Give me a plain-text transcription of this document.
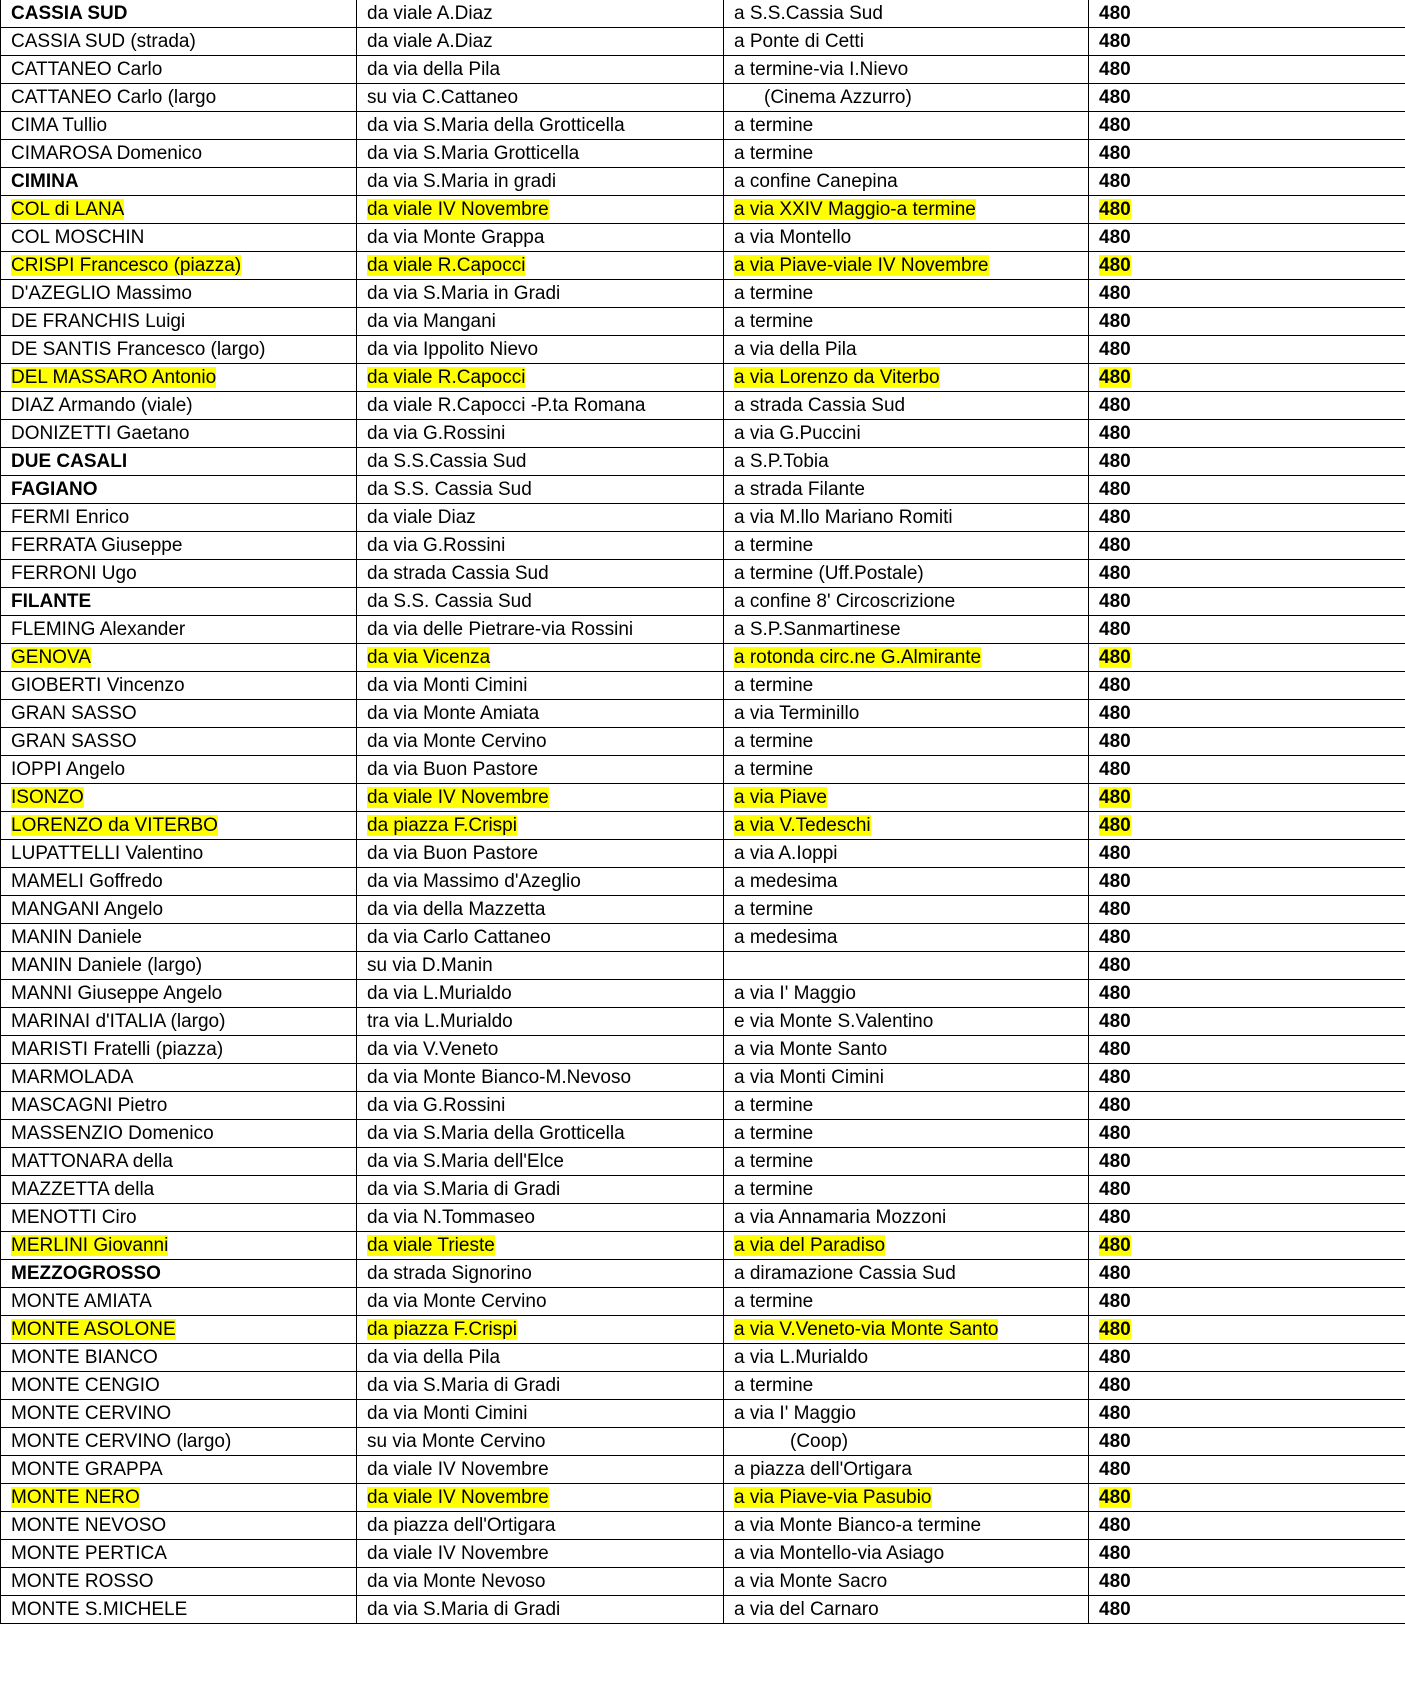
CASSIA SUD	da viale A.Diaz	a S.S.Cassia Sud	480
CASSIA SUD (strada)	da viale A.Diaz	a Ponte di Cetti	480
CATTANEO Carlo	da via della Pila	a termine-via I.Nievo	480
CATTANEO Carlo (largo	su via C.Cattaneo	(Cinema Azzurro)	480
CIMA Tullio	da via S.Maria della Grotticella	a termine	480
CIMAROSA Domenico	da via S.Maria Grotticella	a termine	480
CIMINA	da via S.Maria in gradi	a confine Canepina	480
COL di LANA	da viale IV Novembre	a via XXIV Maggio-a termine	480
COL MOSCHIN	da via Monte Grappa	a via Montello	480
CRISPI Francesco (piazza)	da viale R.Capocci	a via Piave-viale IV Novembre	480
D'AZEGLIO Massimo	da via S.Maria in Gradi	a termine	480
DE FRANCHIS Luigi	da via Mangani	a termine	480
DE SANTIS Francesco (largo)	da via Ippolito Nievo	a via della Pila	480
DEL MASSARO Antonio	da viale R.Capocci	a via Lorenzo da Viterbo	480
DIAZ Armando (viale)	da viale R.Capocci -P.ta Romana	a strada Cassia Sud	480
DONIZETTI Gaetano	da via G.Rossini	a via G.Puccini	480
DUE CASALI	da S.S.Cassia Sud	a S.P.Tobia	480
FAGIANO	da S.S. Cassia Sud	a strada Filante	480
FERMI Enrico	da viale Diaz	a via M.llo Mariano Romiti	480
FERRATA Giuseppe	da via G.Rossini	a termine	480
FERRONI Ugo	da strada Cassia Sud	a termine (Uff.Postale)	480
FILANTE	da S.S. Cassia Sud	a confine 8' Circoscrizione	480
FLEMING Alexander	da via delle Pietrare-via Rossini	a S.P.Sanmartinese	480
GENOVA	da via Vicenza	a rotonda circ.ne G.Almirante	480
GIOBERTI Vincenzo	da via Monti Cimini	a termine	480
GRAN SASSO	da via Monte Amiata	a via Terminillo	480
GRAN SASSO	da via Monte Cervino	a termine	480
IOPPI Angelo	da via Buon Pastore	a termine	480
ISONZO	da viale IV Novembre	a via Piave	480
LORENZO da VITERBO	da piazza F.Crispi	a via V.Tedeschi	480
LUPATTELLI Valentino	da via Buon Pastore	a via A.Ioppi	480
MAMELI Goffredo	da via Massimo d'Azeglio	a medesima	480
MANGANI Angelo	da via della Mazzetta	a termine	480
MANIN Daniele	da via Carlo Cattaneo	a medesima	480
MANIN Daniele (largo)	su via D.Manin		480
MANNI Giuseppe Angelo	da via L.Murialdo	a via I' Maggio	480
MARINAI d'ITALIA (largo)	tra via L.Murialdo	e via Monte S.Valentino	480
MARISTI Fratelli (piazza)	da via V.Veneto	a via Monte Santo	480
MARMOLADA	da via Monte Bianco-M.Nevoso	a via Monti Cimini	480
MASCAGNI Pietro	da via G.Rossini	a termine	480
MASSENZIO Domenico	da via S.Maria della Grotticella	a termine	480
MATTONARA della	da via S.Maria dell'Elce	a termine	480
MAZZETTA della	da via S.Maria di Gradi	a termine	480
MENOTTI Ciro	da via N.Tommaseo	a via Annamaria Mozzoni	480
MERLINI Giovanni	da viale Trieste	a via del Paradiso	480
MEZZOGROSSO	da strada Signorino	a diramazione Cassia Sud	480
MONTE AMIATA	da via Monte Cervino	a termine	480
MONTE ASOLONE	da piazza F.Crispi	a via V.Veneto-via Monte Santo	480
MONTE BIANCO	da via della Pila	a via L.Murialdo	480
MONTE CENGIO	da via S.Maria di Gradi	a termine	480
MONTE CERVINO	da via Monti Cimini	a via I' Maggio	480
MONTE CERVINO (largo)	su via Monte Cervino	(Coop)	480
MONTE GRAPPA	da viale IV Novembre	a piazza dell'Ortigara	480
MONTE NERO	da viale IV Novembre	a via Piave-via Pasubio	480
MONTE NEVOSO	da piazza dell'Ortigara	a via Monte Bianco-a termine	480
MONTE PERTICA	da viale IV Novembre	a via Montello-via Asiago	480
MONTE ROSSO	da via Monte Nevoso	a via Monte Sacro	480
MONTE S.MICHELE	da via S.Maria di Gradi	a via del Carnaro	480
